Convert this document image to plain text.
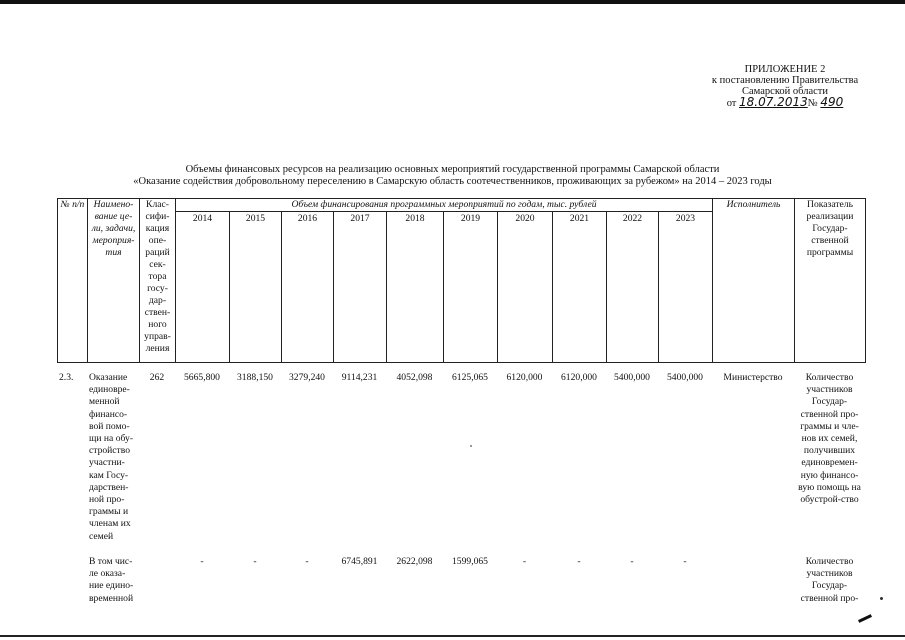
ПРИЛОЖЕНИЕ 2
к постановлению Правительства
Самарской области
от 18.07.2013№ 490
Объемы финансовых ресурсов на реализацию основных мероприятий государственной программы Самарской области
«Оказание содействия добровольному переселению в Самарскую область соотечественников, проживающих за рубежом» на 2014 – 2023 годы
№ п/п	Наимено-вание це-ли, задачи, мероприя-тия	Клас-сифи-кация опе-раций сек-тора госу-дар-ствен-ного управ-ления	Объем финансирования программных мероприятий по годам, тыс. рублей										Исполнитель	Показатель реализации Государ-ственной программы
			2014	2015	2016	2017	2018	2019	2020	2021	2022	2023		
2.3.	Оказание единовре-менной финансо-вой помо-щи на обу-стройство участни-кам Госу-дарствен-ной про-граммы и членам их семей	262	5665,800	3188,150	3279,240	9114,231	4052,098	6125,065	6120,000	6120,000	5400,000	5400,000	Министерство	Количество участников Государ-ственной про-граммы и чле-нов их семей, получивших единовремен-ную финансо-вую помощь на обустрой-ство
	В том чис-ле оказа-ние едино-временной		-	-	-	6745,891	2622,098	1599,065	-	-	-	-		Количество участников Государ-ственной про-
